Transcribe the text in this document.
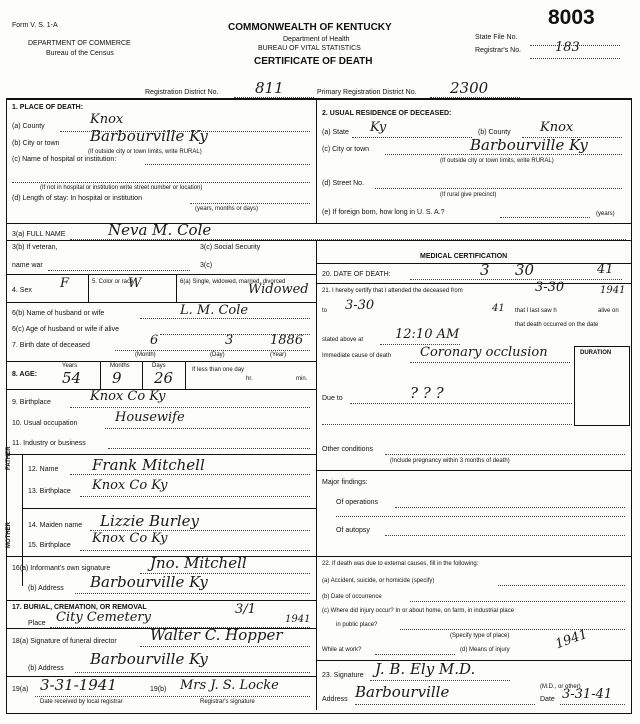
Form V. S. 1-A
DEPARTMENT OF COMMERCE
Bureau of the Census
COMMONWEALTH OF KENTUCKY
Department of Health
BUREAU OF VITAL STATISTICS
CERTIFICATE OF DEATH
State File No.
8003
Registrar's No.	183
Registration District No. 811	Primary Registration District No. 2300
1. PLACE OF DEATH:
(a) County	Knox
(b) City or town Barbourville Ky
(If outside city or town limits, write RURAL)
(c) Name of hospital or institution:
(If not in hospital or institution write street number or location)
(d) Length of stay: In hospital or institution
(years, months or days)
2. USUAL RESIDENCE OF DECEASED:
(a) State Ky	(b) County Knox
(c) City or town	Barbourville Ky
(If outside city or town limits, write RURAL)
(d) Street No.
(If rural give precinct)
(e) If foreign born, how long in U. S. A.?	(years)
3(a) FULL NAME	Neva M. Cole
3(b) If veteran,	3(c) Social Security
name war	3(c)
4. Sex F	5. Color or race
W	6(a) Single, widowed, married, divorced
Widowed
6(b) Name of husband or wife	L. M. Cole
6(c) Age of husband or wife if alive
7. Birth date of deceased	6	3	1886
(Month)	(Day)	(Year)
8. AGE:
Years	Months	Days
54 9 26	If less than one day
hr.	min.
9. Birthplace	Knox Co Ky
10. Usual occupation	Housewife
11. Industry or business
FATHER 12. Name Frank Mitchell
13. Birthplace Knox Co Ky
MOTHER 14. Maiden name Lizzie Burley
15. Birthplace Knox Co Ky
16(a) Informant's own signature	Jno. Mitchell
(b) Address Barbourville Ky
17. BURIAL, CREMATION, OR REMOVAL
Place City Cemetery
3/1
1941
18(a) Signature of funeral director Walter C. Hopper
(b) Address
Barbourville Ky
19(a) 3-31-1941	19(b) Mrs J. S. Locke
Date received by local registrar	Registrar's signature
MEDICAL CERTIFICATION
20. DATE OF DEATH:	3 30	41
21. I hereby certify that I attended the deceased from	3-30	1941
to 3-30	41 that I last saw h	alive on
that death occurred on the date
stated above at 12:10 AM
Immediate cause of death Coronary occlusion	DURATION
Due to	? ? ?
Other conditions
(Include pregnancy within 3 months of death)
Major findings:
Of operations
Of autopsy
22. If death was due to external causes, fill in the following:
(a) Accident, suicide, or homicide (specify)
(b) Date of occurrence
(c) Where did injury occur? In or about home, on farm, in industrial place
in public place?
(Specify type of place)
While at work?	(d) Means of injury	1941
23. Signature J. B. Ely M.D.
(M.D., or other)
Address Barbourville	Date 3-31-41
